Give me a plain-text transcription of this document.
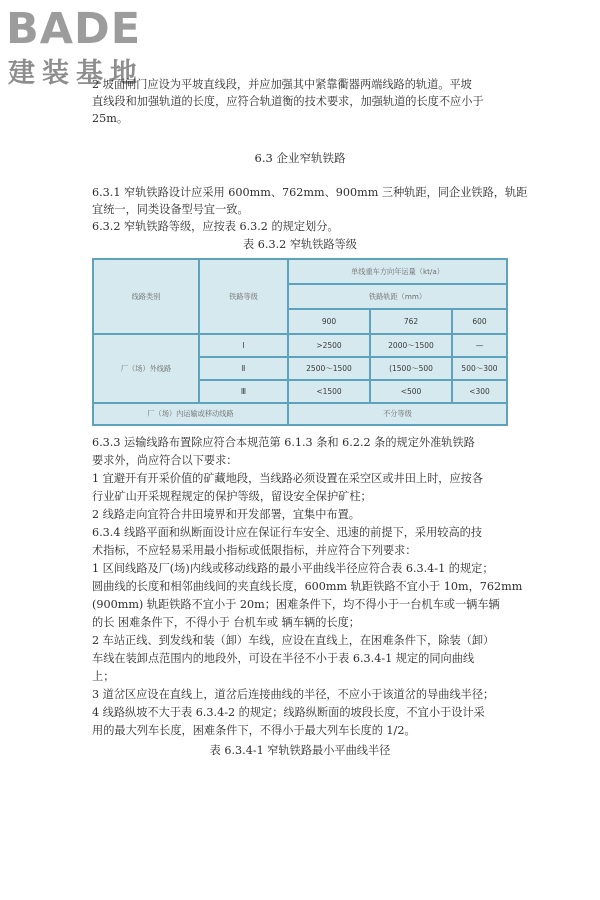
BADE
建装基地

2 坡面闸门应设为平坡直线段，并应加强其中紧靠衢器两端线路的轨道。平坡

直线段和加强轨道的长度，应符合轨道衡的技术要求，加强轨道的长度不应小于

25m。

6.3 企业窄轨铁路

6.3.1 窄轨铁路设计应采用 600mm、762mm、900mm 三种轨距，同企业铁路，轨距

宜统一，同类设备型号宜一致。

6.3.2 窄轨铁路等级，应按表 6.3.2 的规定划分。

表 6.3.2 窄轨铁路等级

线路类别	铁路等级	单线重车方向年运量（kt/a）		
		铁路轨距（mm）		
		900	762	600
厂（场）外线路	I	>2500	2000～1500	—
	Ⅱ	2500～1500	(1500～500	500～300
	Ⅲ	<1500	<500	<300
厂（场）内运输或移动线路		不分等级		

6.3.3 运输线路布置除应符合本规范第 6.1.3 条和 6.2.2 条的规定外准轨铁路

要求外，尚应符合以下要求：

1 宜避开有开采价值的矿藏地段，当线路必须设置在采空区或井田上时，应按各

行业矿山开采规程规定的保护等级，留设安全保护矿柱；

2 线路走向宜符合井田境界和开发部署，宜集中布置。

6.3.4 线路平面和纵断面设计应在保证行车安全、迅速的前提下，采用较高的技

术指标，不应轻易采用最小指标或低限指标，并应符合下列要求：

1 区间线路及厂(场)内线或移动线路的最小平曲线半径应符合表 6.3.4-1 的规定；

圆曲线的长度和相邻曲线间的夹直线长度，600mm 轨距铁路不宜小于 10m，762mm

(900mm) 轨距铁路不宜小于 20m；困难条件下，均不得小于一台机车或一辆车辆

的长 困难条件下，不得小于 台机车或 辆车辆的长度；

2 车站正线、到发线和装（卸）车线，应设在直线上，在困难条件下，除装（卸）

车线在装卸点范围内的地段外，可设在半径不小于表 6.3.4-1 规定的同向曲线

上；

3 道岔区应设在直线上，道岔后连接曲线的半径，不应小于该道岔的导曲线半径；

4 线路纵坡不大于表 6.3.4-2 的规定；线路纵断面的坡段长度，不宜小于设计采

用的最大列车长度，困难条件下，不得小于最大列车长度的 1/2。

表 6.3.4-1 窄轨铁路最小平曲线半径
